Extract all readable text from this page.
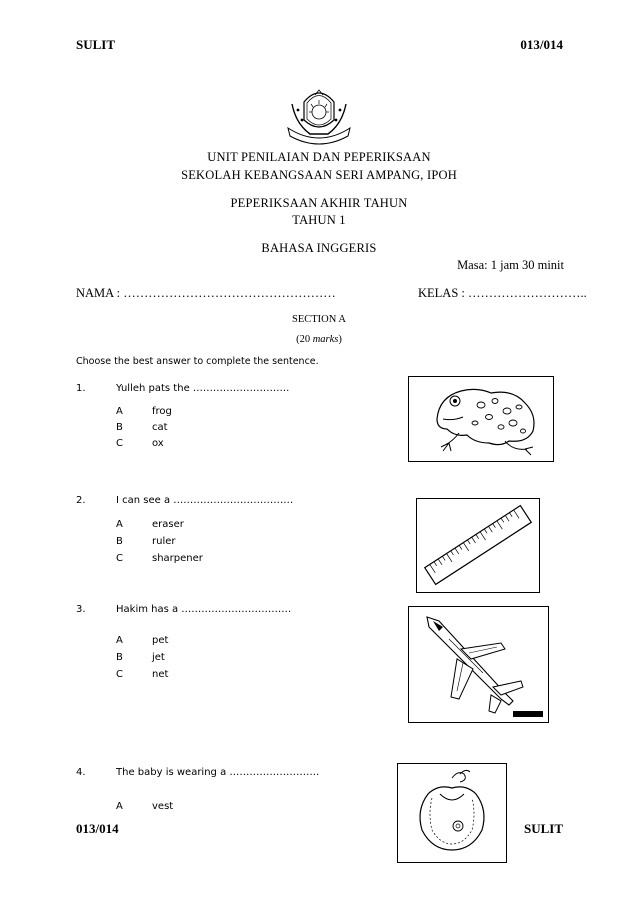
SULIT	013/014
UNIT PENILAIAN DAN PEPERIKSAAN
SEKOLAH KEBANGSAAN SERI AMPANG, IPOH
PEPERIKSAAN AKHIR TAHUN
TAHUN 1
BAHASA INGGERIS
Masa: 1 jam 30 minit
NAMA : ……………………………………………	KELAS : ………………………..
SECTION A
(20 marks)
Choose the best answer to complete the sentence.
1.	Yulleh pats the ………………………..
A	frog
B	cat
C	ox
2.	I can see a ………………………………
A	eraser
B	ruler
C	sharpener
3.	Hakim has a ……………………………
A	pet
B	jet
C	net
4.	The baby is wearing a ………………………
A	vest
013/014	SULIT
